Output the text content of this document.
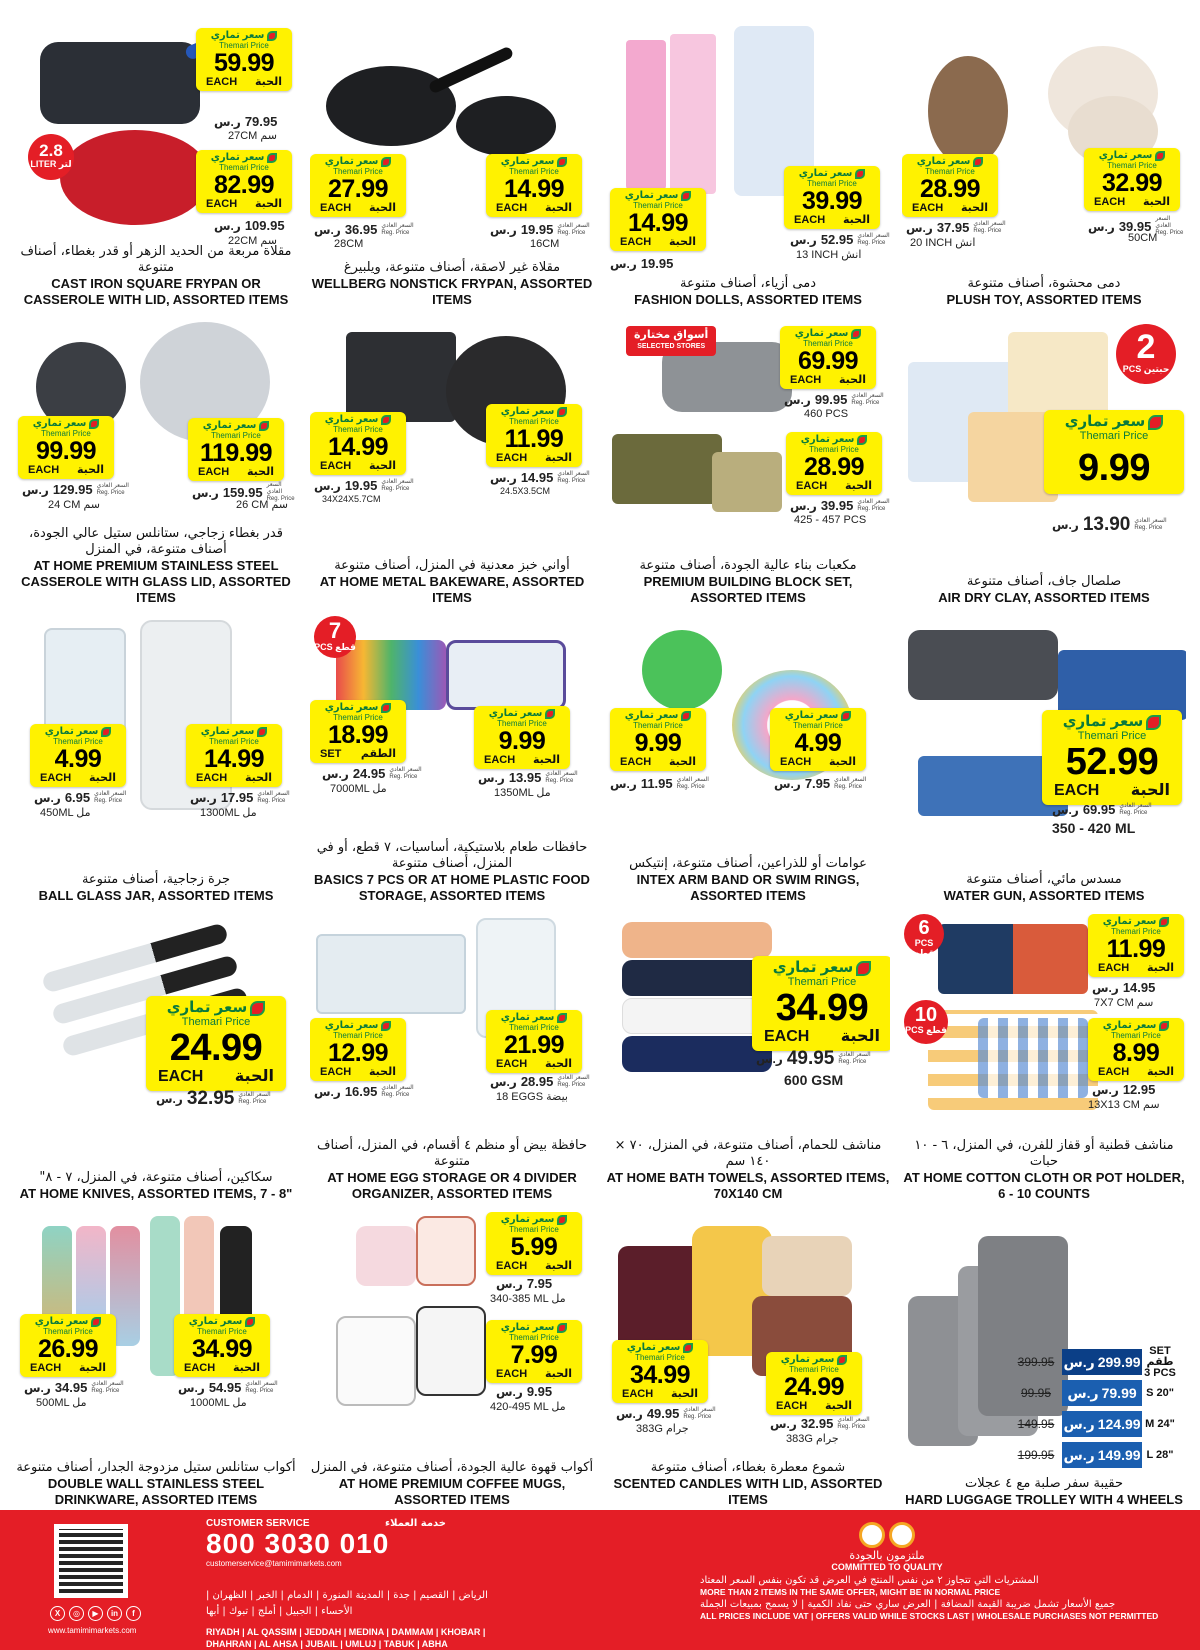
2.8
LITER لتر
سعر تماري
Themari Price
59.99
EACH الحبة
ر.س 79.95
27CM سم
سعر تماري
Themari Price
82.99
EACH الحبة
ر.س 109.95
22CM سم
مقلاة مربعة من الحديد الزهر أو قدر بغطاء، أصناف متنوعة
CAST IRON SQUARE FRYPAN OR CASSEROLE WITH LID, ASSORTED ITEMS
سعر تماري
Themari Price
27.99
EACH الحبة
ر.س 36.95 السعر العادي
Reg. Price
28CM
سعر تماري
Themari Price
14.99
EACH الحبة
ر.س 19.95 السعر العادي
Reg. Price
16CM
مقلاة غير لاصقة، أصناف متنوعة، ويلبيرغ
WELLBERG NONSTICK FRYPAN, ASSORTED ITEMS
سعر تماري
Themari Price
14.99
EACH الحبة
ر.س 19.95
سعر تماري
Themari Price
39.99
EACH الحبة
ر.س 52.95 السعر العادي
Reg. Price
13 INCH انش
دمى أزياء، أصناف متنوعة
FASHION DOLLS, ASSORTED ITEMS
سعر تماري
Themari Price
28.99
EACH الحبة
ر.س 37.95 السعر العادي
Reg. Price
20 INCH انش
سعر تماري
Themari Price
32.99
EACH الحبة
ر.س 39.95 السعر العادي
Reg. Price
50CM
دمى محشوة، أصناف متنوعة
PLUSH TOY, ASSORTED ITEMS
سعر تماري
Themari Price
99.99
EACH الحبة
ر.س 129.95 السعر العادي
Reg. Price
24 CM سم
سعر تماري
Themari Price
119.99
EACH الحبة
ر.س 159.95 السعر العادي
Reg. Price
26 CM سم
قدر بغطاء زجاجي، ستانلس ستيل عالي الجودة، أصناف متنوعة، في المنزل
AT HOME PREMIUM STAINLESS STEEL CASSEROLE WITH GLASS LID, ASSORTED ITEMS
سعر تماري
Themari Price
14.99
EACH الحبة
ر.س 19.95 السعر العادي
Reg. Price
34X24X5.7CM
سعر تماري
Themari Price
11.99
EACH الحبة
ر.س 14.95 السعر العادي
Reg. Price
24.5X3.5CM
أواني خبز معدنية في المنزل، أصناف متنوعة
AT HOME METAL BAKEWARE, ASSORTED ITEMS
أسواق مختارة
SELECTED STORES
سعر تماري
Themari Price
69.99
EACH الحبة
ر.س 99.95 السعر العادي
Reg. Price
460 PCS
سعر تماري
Themari Price
28.99
EACH الحبة
ر.س 39.95 السعر العادي
Reg. Price
425 - 457 PCS
مكعبات بناء عالية الجودة، أصناف متنوعة
PREMIUM BUILDING BLOCK SET, ASSORTED ITEMS
2
PCS حبتين
سعر تماري
Themari Price
9.99
ر.س 13.90 السعر العادي
Reg. Price
صلصال جاف، أصناف متنوعة
AIR DRY CLAY, ASSORTED ITEMS
سعر تماري
Themari Price
4.99
EACH الحبة
ر.س 6.95 السعر العادي
Reg. Price
450ML مل
سعر تماري
Themari Price
14.99
EACH الحبة
ر.س 17.95 السعر العادي
Reg. Price
1300ML مل
جرة زجاجية، أصناف متنوعة
BALL GLASS JAR, ASSORTED ITEMS
7
PCS قطع
سعر تماري
Themari Price
18.99
SET الطقم
ر.س 24.95 السعر العادي
Reg. Price
7000ML مل
سعر تماري
Themari Price
9.99
EACH الحبة
ر.س 13.95 السعر العادي
Reg. Price
1350ML مل
حافظات طعام بلاستيكية، أساسيات، ٧ قطع، أو في المنزل، أصناف متنوعة
BASICS 7 PCS OR AT HOME PLASTIC FOOD STORAGE, ASSORTED ITEMS
سعر تماري
Themari Price
9.99
EACH الحبة
ر.س 11.95 السعر العادي
Reg. Price
سعر تماري
Themari Price
4.99
EACH الحبة
ر.س 7.95 السعر العادي
Reg. Price
عوامات أو للذراعين، أصناف متنوعة، إنتيكس
INTEX ARM BAND OR SWIM RINGS, ASSORTED ITEMS
سعر تماري
Themari Price
52.99
EACH الحبة
ر.س 69.95 السعر العادي
Reg. Price
350 - 420 ML
مسدس مائي، أصناف متنوعة
WATER GUN, ASSORTED ITEMS
سعر تماري
Themari Price
24.99
EACH الحبة
ر.س 32.95 السعر العادي
Reg. Price
سكاكين، أصناف متنوعة، في المنزل، ٧ - ٨"
AT HOME KNIVES, ASSORTED ITEMS, 7 - 8"
سعر تماري
Themari Price
12.99
EACH الحبة
ر.س 16.95 السعر العادي
Reg. Price
سعر تماري
Themari Price
21.99
EACH الحبة
ر.س 28.95 السعر العادي
Reg. Price
18 EGGS بيضة
حافظة بيض أو منظم ٤ أقسام، في المنزل، أصناف متنوعة
AT HOME EGG STORAGE OR 4 DIVIDER ORGANIZER, ASSORTED ITEMS
سعر تماري
Themari Price
34.99
EACH الحبة
ر.س 49.95 السعر العادي
Reg. Price
600 GSM
مناشف للحمام، أصناف متنوعة، في المنزل، ٧٠ × ١٤٠ سم
AT HOME BATH TOWELS, ASSORTED ITEMS, 70X140 CM
6
PCS قطع
10
PCS قطع
سعر تماري
Themari Price
11.99
EACH الحبة
ر.س 14.95
7X7 CM سم
سعر تماري
Themari Price
8.99
EACH الحبة
ر.س 12.95
13X13 CM سم
مناشف قطنية أو قفاز للفرن، في المنزل، ٦ - ١٠ حبات
AT HOME COTTON CLOTH OR POT HOLDER, 6 - 10 COUNTS
سعر تماري
Themari Price
26.99
EACH الحبة
ر.س 34.95 السعر العادي
Reg. Price
500ML مل
سعر تماري
Themari Price
34.99
EACH الحبة
ر.س 54.95 السعر العادي
Reg. Price
1000ML مل
أكواب ستانلس ستيل مزدوجة الجدار، أصناف متنوعة
DOUBLE WALL STAINLESS STEEL DRINKWARE, ASSORTED ITEMS
سعر تماري
Themari Price
5.99
EACH الحبة
ر.س 7.95
340-385 ML مل
سعر تماري
Themari Price
7.99
EACH الحبة
ر.س 9.95
420-495 ML مل
أكواب قهوة عالية الجودة، أصناف متنوعة، في المنزل
AT HOME PREMIUM COFFEE MUGS, ASSORTED ITEMS
سعر تماري
Themari Price
34.99
EACH الحبة
ر.س 49.95 السعر العادي
Reg. Price
383G جرام
سعر تماري
Themari Price
24.99
EACH الحبة
ر.س 32.95 السعر العادي
Reg. Price
383G جرام
شموع معطرة بغطاء، أصناف متنوعة
SCENTED CANDLES WITH LID, ASSORTED ITEMS
399.95 ر.س 299.99
SET طقم 3 PCS
99.95	ر.س 79.99 S 20"
149.95 ر.س 124.99 M 24"
199.95 ر.س 149.99 L 28"
حقيبة سفر صلبة مع ٤ عجلات
HARD LUGGAGE TROLLEY WITH 4 WHEELS
X	◎	▶	in	f
www.tamimimarkets.com
CUSTOMER SERVICE	خدمة العملاء
800 3030 010
customerservice@tamimimarkets.com
الرياض | القصيم | جدة | المدينة المنورة | الدمام | الخبر | الظهران | الأحساء | الجبيل | أملج | تبوك | أبها
RIYADH | AL QASSIM | JEDDAH | MEDINA | DAMMAM | KHOBAR | DHAHRAN | AL AHSA | JUBAIL | UMLUJ | TABUK | ABHA
ملتزمون بالجودة
COMMITTED TO QUALITY
المشتريات التي تتجاوز ٢ من نفس المنتج في العرض قد تكون بنفس السعر المعتاد
MORE THAN 2 ITEMS IN THE SAME OFFER, MIGHT BE IN NORMAL PRICE
جميع الأسعار تشمل ضريبة القيمة المضافة | العرض ساري حتى نفاد الكمية | لا يسمح بمبيعات الجملة
ALL PRICES INCLUDE VAT | OFFERS VALID WHILE STOCKS LAST | WHOLESALE PURCHASES NOT PERMITTED
